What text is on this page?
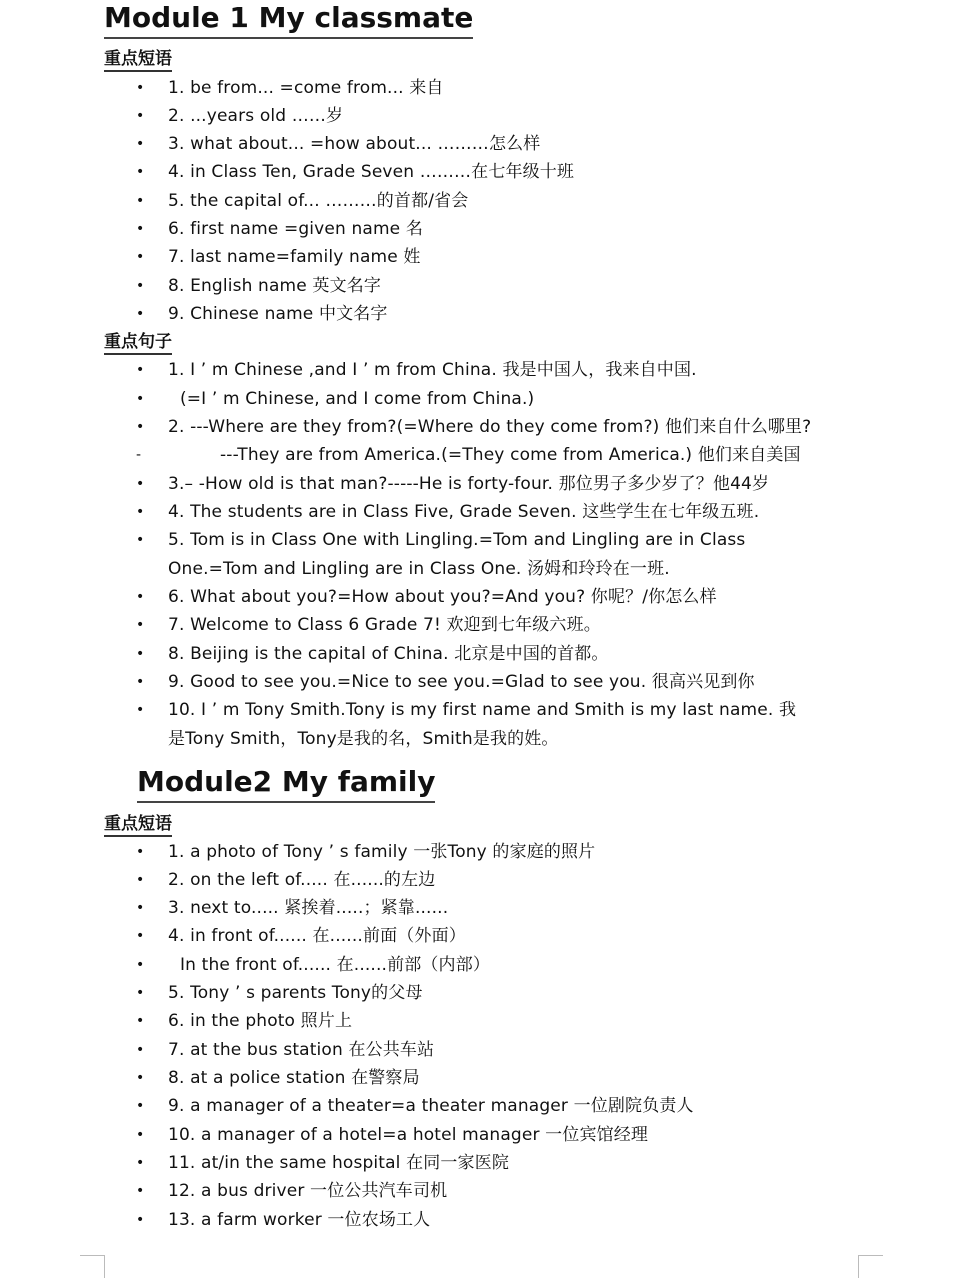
Module 1 My classmate
重点短语
• 1. be from... =come from... 来自
• 2. ...years old ……岁
• 3. what about... =how about... ………怎么样
• 4. in Class Ten, Grade Seven ………在七年级十班
• 5. the capital of... ………的首都/省会
• 6. first name =given name 名
• 7. last name=family name 姓
• 8. English name 英文名字
• 9. Chinese name 中文名字
重点句子
• 1. I ’ m Chinese ,and I ’ m from China. 我是中国人，我来自中国.
• (=I ’ m Chinese, and I come from China.)
• 2. ---Where are they from?(=Where do they come from?) 他们来自什么哪里?
-	---They are from America.(=They come from America.) 他们来自美国
• 3.– -How old is that man?-----He is forty-four. 那位男子多少岁了？他44岁
• 4. The students are in Class Five, Grade Seven. 这些学生在七年级五班.
• 5. Tom is in Class One with Lingling.=Tom and Lingling are in Class
One.=Tom and Lingling are in Class One. 汤姆和玲玲在一班.
• 6. What about you?=How about you?=And you? 你呢？/你怎么样
• 7. Welcome to Class 6 Grade 7! 欢迎到七年级六班。
• 8. Beijing is the capital of China. 北京是中国的首都。
• 9. Good to see you.=Nice to see you.=Glad to see you. 很高兴见到你
• 10. I ’ m Tony Smith.Tony is my first name and Smith is my last name. 我
是Tony Smith，Tony是我的名，Smith是我的姓。
Module2 My family
重点短语
• 1. a photo of Tony ’ s family 一张Tony 的家庭的照片
• 2. on the left of..... 在......的左边
• 3. next to..... 紧挨着.....；紧靠......
• 4. in front of...... 在......前面（外面）
• In the front of...... 在......前部（内部）
• 5. Tony ’ s parents Tony的父母
• 6. in the photo 照片上
• 7. at the bus station 在公共车站
• 8. at a police station 在警察局
• 9. a manager of a theater=a theater manager 一位剧院负责人
• 10. a manager of a hotel=a hotel manager 一位宾馆经理
• 11. at/in the same hospital 在同一家医院
• 12. a bus driver 一位公共汽车司机
• 13. a farm worker 一位农场工人
